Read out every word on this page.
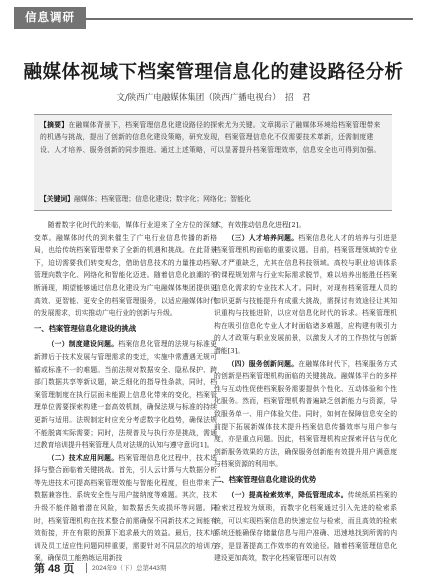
信息调研
融媒体视域下档案管理信息化的建设路径分析
文/陕西广电融媒体集团（陕西广播电视台）　招　君
【摘要】在融媒体背景下，档案管理信息化建设路径的探索尤为关键。文章揭示了融媒体环境给档案管理带来的机遇与挑战，提出了创新的信息化建设策略，研究发现，档案管理信息化不仅需要技术革新，还需制度建设、人才培养、服务创新的同步推进。通过上述策略，可以显著提升档案管理效率，信息安全也可得到加强。
【关键词】融媒体；档案管理；信息化建设；数字化；网络化；智能化

随着数字化时代的来临，媒体行业迎来了全方位的深刻变革。融媒体时代的到来催生了广电行业信息传播的新格局，也给传统档案管理带来了全新的机遇和挑战。在此背景下，迫切需要我们转变观念，借助信息技术的力量推动档案管理向数字化、网络化和智能化迈进。随着信息化浪潮的不断涌现，期望能够通过信息化建设为广电融媒体集团提供更高效、更智能、更安全的档案管理服务，以适应融媒体时代的发展需求，切实推动广电行业的创新与升级。

一、档案管理信息化建设的挑战

（一）制度建设问题。档案信息化管理的法规与标准更新滞后于技术发展与管理需求的变迁，实施中常遭遇无规可循或标准不一的难题。当前法规对数据安全、隐私保护、跨部门数据共享等新议题，缺乏细化的指导性条款，同时，档案管理制度在执行层面未能跟上信息化带来的变化，档案管理单位需要探索构建一套高效机制，确保法规与标准的持续更新与适用。法规制定时应充分考虑数字化趋势，确保法规不能脱离实际需要；同时，法规普及与执行亦是挑战，需通过教育培训提升档案管理人员对法规的认知与遵守意识[1]。

（二）技术应用问题。档案管理信息化过程中，技术选择与整合面临着关键挑战。首先，引人云计算与大数据分析等先进技术可提高档案管理效能与智能化程度，但也带来了数据兼容性、系统安全性与用户接纳度等难题。其次，技术升级不能伴随着潜在风险，如数据丢失或损坏等问题。同时，档案管理机构在技术整合前需确保不同新技术之间能有效衔接，并在有限的预算下追求最大的效益。最后，技术培训及员工适应性问题同样重要，需要针对不同层次的培训方案，确保员工能熟练运用新技

术，有效推动信息化进程[2]。

（三）人才培养问题。档案信息化人才的培养与引进是档案管理机构面临的重要议题。目前，档案管理领域的专业人才严重缺乏，尤其在信息科技领域。高校与职业培训体系的课程规划常与行业实际需求脱节，难以培养出能胜任档案信息化需求的专业技术人才。同时，对现有档案管理人员的知识更新与技能提升有成重大挑战，需探讨有效途径让其知识重构与技能进阶，以应对信息化时代的诉求。档案管理机构在吸引信息化专业人才时面临诸多难题，应构建有吸引力的人才政策与职业发展前景，以激发人才的工作热忱与创新潜能[3]。

（四）服务创新问题。在融媒体时代下，档案服务方式的创新是档案管理机构面临的关键挑战。融媒体平台的多样性与互动性促使档案服务需要提供个性化、互动体验和个性化服务。然而，档案管理机构普遍缺乏创新能力与资源，导致服务单一、用户体验欠佳。同时，如何在保障信息安全的前提下拓展新媒体技术提升档案信息传播效率与用户参与度，亦是重点问题。因此，档案管理机构应探索评估与优化创新服务效果的方法，确保服务创新能有效提升用户满意度与档案资源的利用率。

二、档案管理信息化建设的优势

（一）提高检索效率，降低管理成本。传统纸质档案的检索过程较为烦琐，而数字化档案通过引入先进的检索系统，可以实现档案信息的快速定位与检索，而且高效的检索系统还能确保存储量信息与用户准确、迅速地找到所需的内容，是显著提高工作效率的有效途径。随着档案管理信息化建设更加高效，数字化档案管理可以有效

第 48 页	2024年9（下）总第443期
